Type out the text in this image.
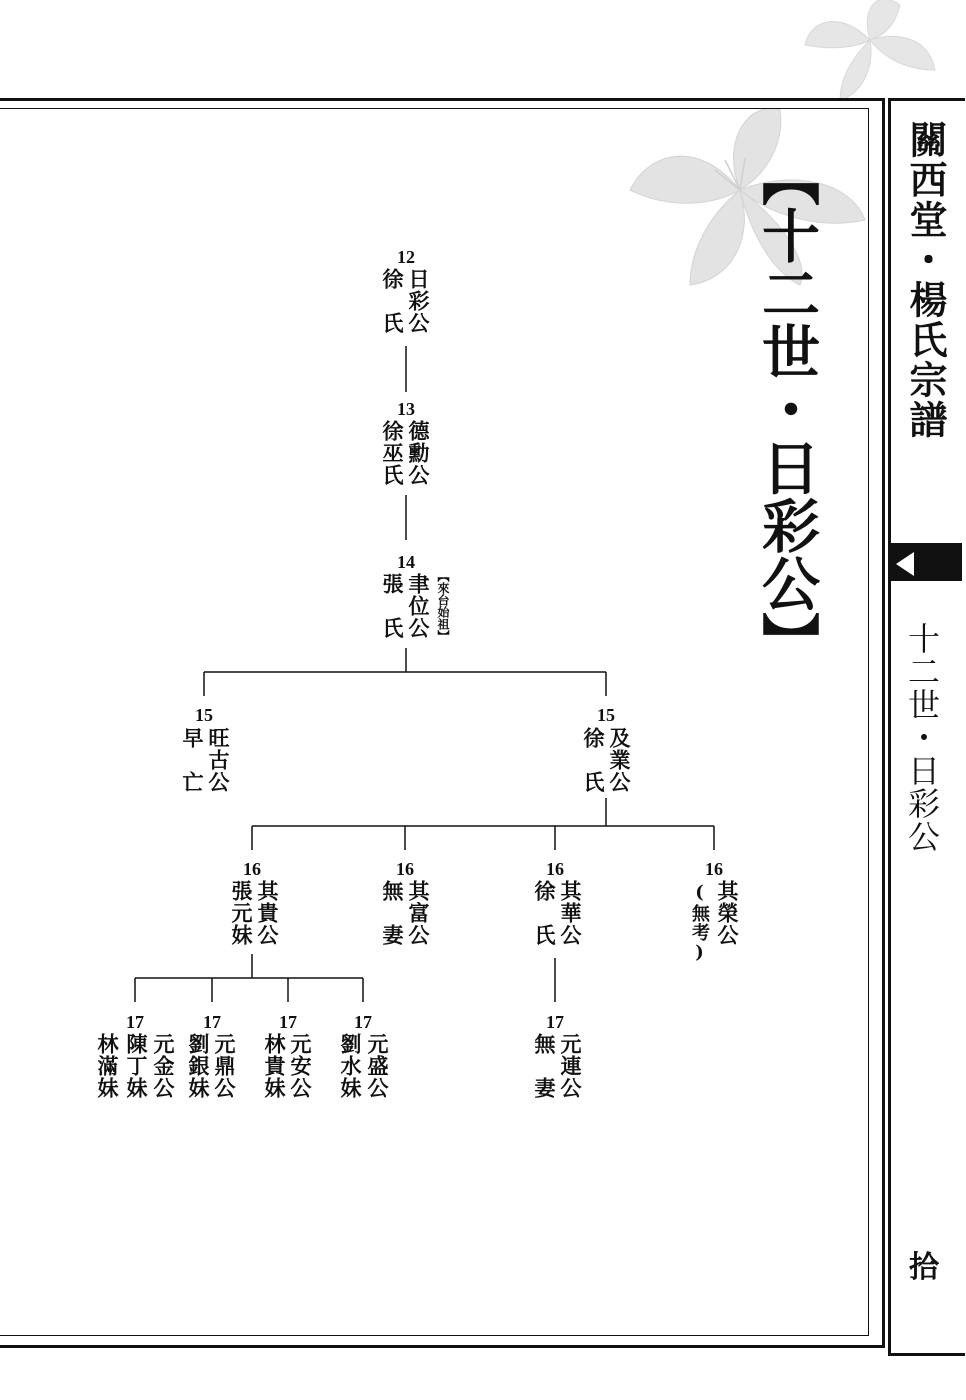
關西堂・楊氏宗譜
十二世・日彩公
拾
【十二世・日彩公】
12
日彩公
徐　氏
13
德勳公
徐巫氏
14
聿位公
張　氏	【來台始祖】
15
旺古公
早　亡
15
及業公
徐　氏
16
其貴公
張元妹
16
其富公
無　妻
16
其華公
徐　氏
16
其榮公
(無考)
17
元金公
陳丁妹
林滿妹
17
元鼎公
劉銀妹
17
元安公
林貴妹
17
元盛公
劉水妹
17
元連公
無　妻
